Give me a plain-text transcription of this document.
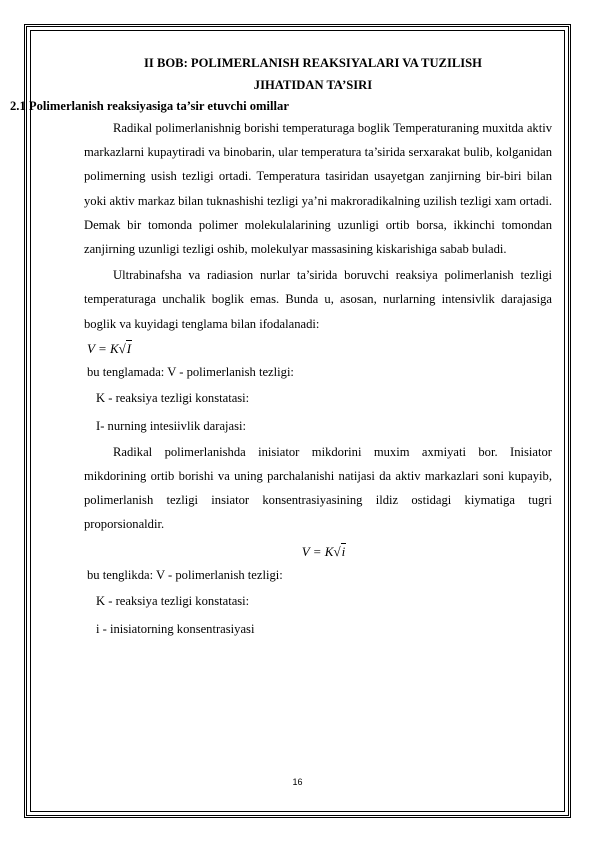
II BOB: POLIMERLANISH REAKSIYALARI VA TUZILISH
JIHATIDAN TA’SIRI
2.1 Polimerlanish reaksiyasiga ta’sir etuvchi omillar

Radikal polimerlanishnig borishi temperaturaga boglik Temperaturaning muxitda aktiv markazlarni kupaytiradi va binobarin, ular temperatura ta’sirida serxarakat bulib, kolganidan polimerning usish tezligi ortadi. Temperatura tasiridan usayetgan zanjirning bir-biri bilan yoki aktiv markaz bilan tuknashishi tezligi ya’ni makroradikalning uzilish tezligi xam ortadi. Demak bir tomonda polimer molekulalarining uzunligi ortib borsa, ikkinchi tomondan zanjirning uzunligi tezligi oshib, molekulyar massasining kiskarishiga sabab buladi.

Ultrabinafsha va radiasion nurlar ta’sirida boruvchi reaksiya polimerlanish tezligi temperaturaga unchalik boglik emas. Bunda u, asosan, nurlarning intensivlik darajasiga boglik va kuyidagi tenglama bilan ifodalanadi:

V = K√I
bu tenglamada: V - polimerlanish tezligi:
K - reaksiya tezligi konstatasi:
I- nurning intesiivlik darajasi:

Radikal polimerlanishda inisiator mikdorini muxim axmiyati bor. Inisiator mikdorining ortib borishi va uning parchalanishi natijasi da aktiv markazlari soni kupayib, polimerlanish tezligi insiator konsentrasiyasining ildiz ostidagi kiymatiga tugri proporsionaldir.

V = K√i
bu tenglikda: V - polimerlanish tezligi:
K - reaksiya tezligi konstatasi:
i - inisiatorning konsentrasiyasi
16
